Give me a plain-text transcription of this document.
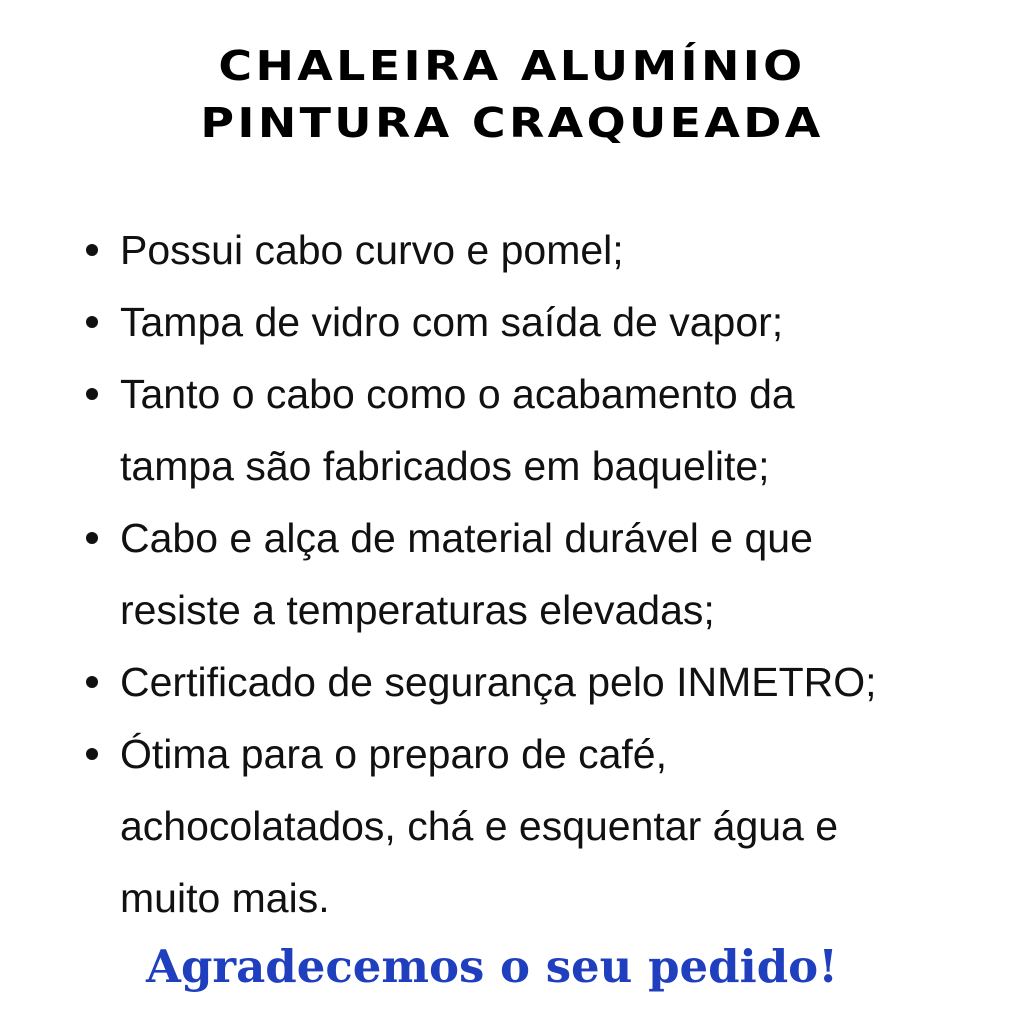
CHALEIRA ALUMÍNIO
PINTURA CRAQUEADA
Possui cabo curvo e pomel;
Tampa de vidro com saída de vapor;
Tanto o cabo como o acabamento da
tampa são fabricados em baquelite;
Cabo e alça de material durável e que
resiste a temperaturas elevadas;
Certificado de segurança pelo INMETRO;
Ótima para o preparo de café,
achocolatados, chá e esquentar água e
muito mais.

Agradecemos o seu pedido!
